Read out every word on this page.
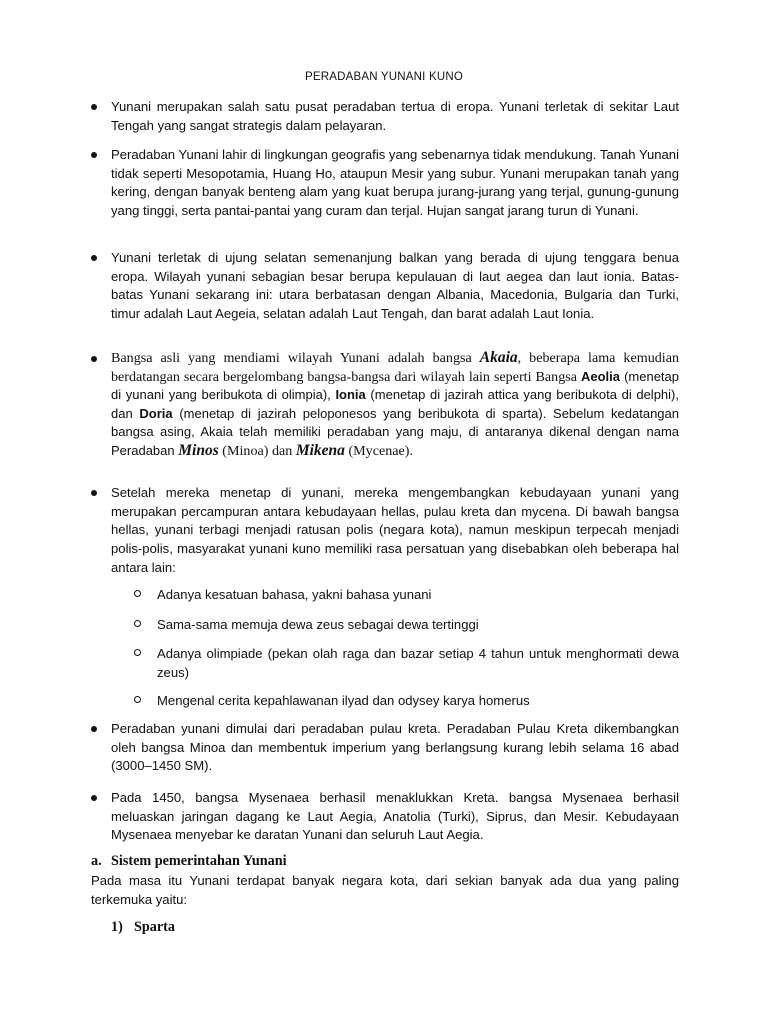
PERADABAN YUNANI KUNO

Yunani merupakan salah satu pusat peradaban tertua di eropa. Yunani terletak di sekitar Laut Tengah yang sangat strategis dalam pelayaran.

Peradaban Yunani lahir di lingkungan geografis yang sebenarnya tidak mendukung. Tanah Yunani tidak seperti Mesopotamia, Huang Ho, ataupun Mesir yang subur. Yunani merupakan tanah yang kering, dengan banyak benteng alam yang kuat berupa jurang-jurang yang terjal, gunung-gunung yang tinggi, serta pantai-pantai yang curam dan terjal. Hujan sangat jarang turun di Yunani.

Yunani terletak di ujung selatan semenanjung balkan yang berada di ujung tenggara benua eropa. Wilayah yunani sebagian besar berupa kepulauan di laut aegea dan laut ionia. Batas-batas Yunani sekarang ini: utara berbatasan dengan Albania, Macedonia, Bulgaria dan Turki, timur adalah Laut Aegeia, selatan adalah Laut Tengah, dan barat adalah Laut Ionia.

Bangsa asli yang mendiami wilayah Yunani adalah bangsa Akaia, beberapa lama kemudian berdatangan secara bergelombang bangsa-bangsa dari wilayah lain seperti Bangsa Aeolia (menetap di yunani yang beribukota di olimpia), Ionia (menetap di jazirah attica yang beribukota di delphi), dan Doria (menetap di jazirah peloponesos yang beribukota di sparta). Sebelum kedatangan bangsa asing, Akaia telah memiliki peradaban yang maju, di antaranya dikenal dengan nama Peradaban Minos (Minoa) dan Mikena (Mycenae).

Setelah mereka menetap di yunani, mereka mengembangkan kebudayaan yunani yang merupakan percampuran antara kebudayaan hellas, pulau kreta dan mycena. Di bawah bangsa hellas, yunani terbagi menjadi ratusan polis (negara kota), namun meskipun terpecah menjadi polis-polis, masyarakat yunani kuno memiliki rasa persatuan yang disebabkan oleh beberapa hal antara lain:

Adanya kesatuan bahasa, yakni bahasa yunani

Sama-sama memuja dewa zeus sebagai dewa tertinggi

Adanya olimpiade (pekan olah raga dan bazar setiap 4 tahun untuk menghormati dewa zeus)

Mengenal cerita kepahlawanan ilyad dan odysey karya homerus

Peradaban yunani dimulai dari peradaban pulau kreta. Peradaban Pulau Kreta dikembangkan oleh bangsa Minoa dan membentuk imperium yang berlangsung kurang lebih selama 16 abad (3000–1450 SM).

Pada 1450, bangsa Mysenaea berhasil menaklukkan Kreta. bangsa Mysenaea berhasil meluaskan jaringan dagang ke Laut Aegia, Anatolia (Turki), Siprus, dan Mesir. Kebudayaan Mysenaea menyebar ke daratan Yunani dan seluruh Laut Aegia.

a. Sistem pemerintahan Yunani

Pada masa itu Yunani terdapat banyak negara kota, dari sekian banyak ada dua yang paling terkemuka yaitu:

1) Sparta
